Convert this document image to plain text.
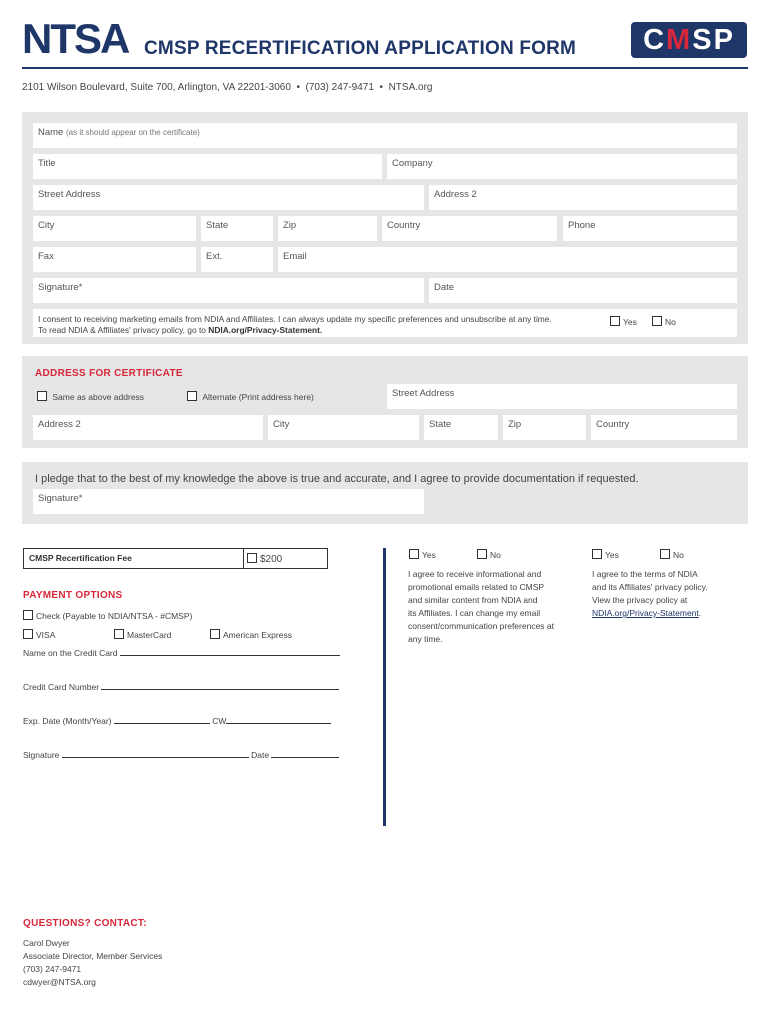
NTSA CMSP RECERTIFICATION APPLICATION FORM	CMSP
2101 Wilson Boulevard, Suite 700, Arlington, VA 22201-3060 • (703) 247-9471 • NTSA.org
Name (as it should appear on the certificate)
Title	Company
Street Address	Address 2
City	State	Zip	Country	Phone
Fax	Ext.	Email
Signature*	Date
I consent to receiving marketing emails from NDIA and Affiliates. I can always update my specific preferences and unsubscribe at any time.
To read NDIA & Affiliates' privacy policy, go to NDIA.org/Privacy-Statement.
Yes	No
ADDRESS FOR CERTIFICATE
Same as above address	Alternate (Print address here)	Street Address
Address 2	City	State	Zip	Country
I pledge that to the best of my knowledge the above is true and accurate, and I agree to provide documentation if requested.
Signature*
CMSP Recertification Fee	$200
PAYMENT OPTIONS
Check (Payable to NDIA/NTSA - #CMSP)
VISA	MasterCard	American Express
Name on the Credit Card
Credit Card Number
Exp. Date (Month/Year)	CW
Signature	Date
Yes	No
I agree to receive informational and
promotional emails related to CMSP
and similar content from NDIA and
its Affiliates. I can change my email
consent/communication preferences at
any time.
Yes	No
I agree to the terms of NDIA
and its Affiliates' privacy policy.
View the privacy policy at
NDIA.org/Privacy-Statement.
QUESTIONS? CONTACT:
Carol Dwyer
Associate Director, Member Services
(703) 247-9471
cdwyer@NTSA.org
